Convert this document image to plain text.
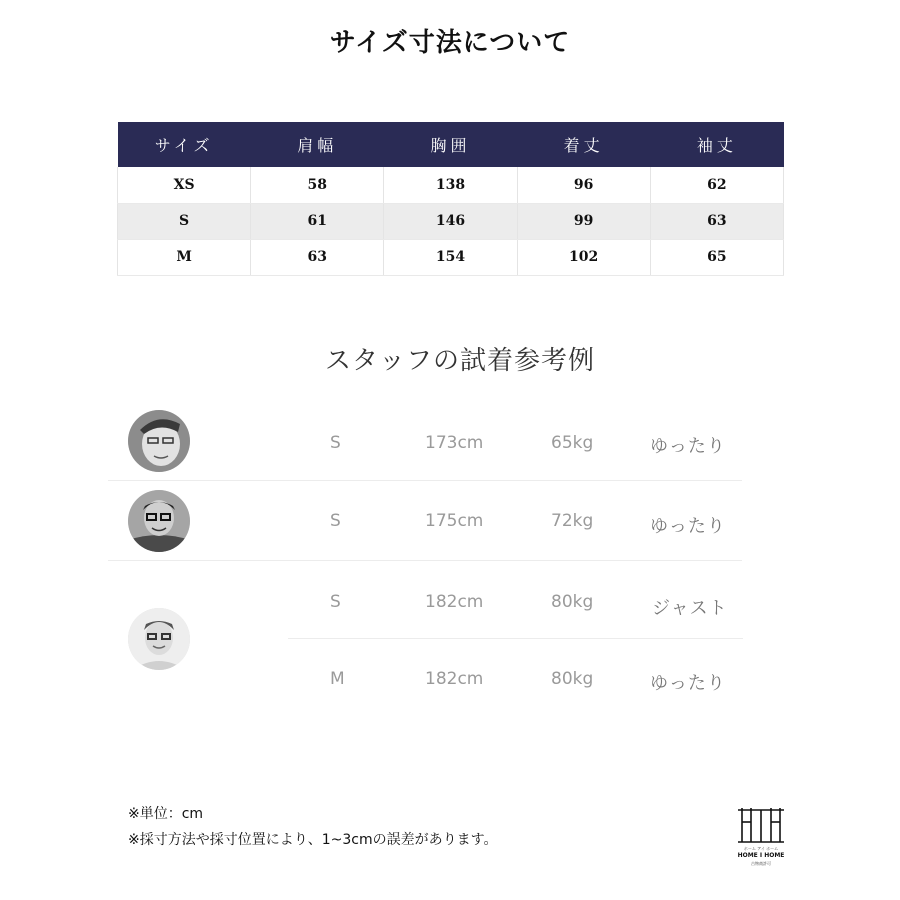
サイズ寸法について
サイズ	肩幅	胸囲	着丈	袖丈
XS	58	138	96	62
S	61	146	99	63
M	63	154	102	65
スタッフの試着参考例
S	173cm	65kg	ゆったり
S	175cm	72kg	ゆったり
S	182cm	80kg	ジャスト
M	182cm	80kg	ゆったり
※単位：cm
※採寸方法や採寸位置により、1~3cmの誤差があります。
ホーム アイ ホーム
HOME I HOME
古物商許可
